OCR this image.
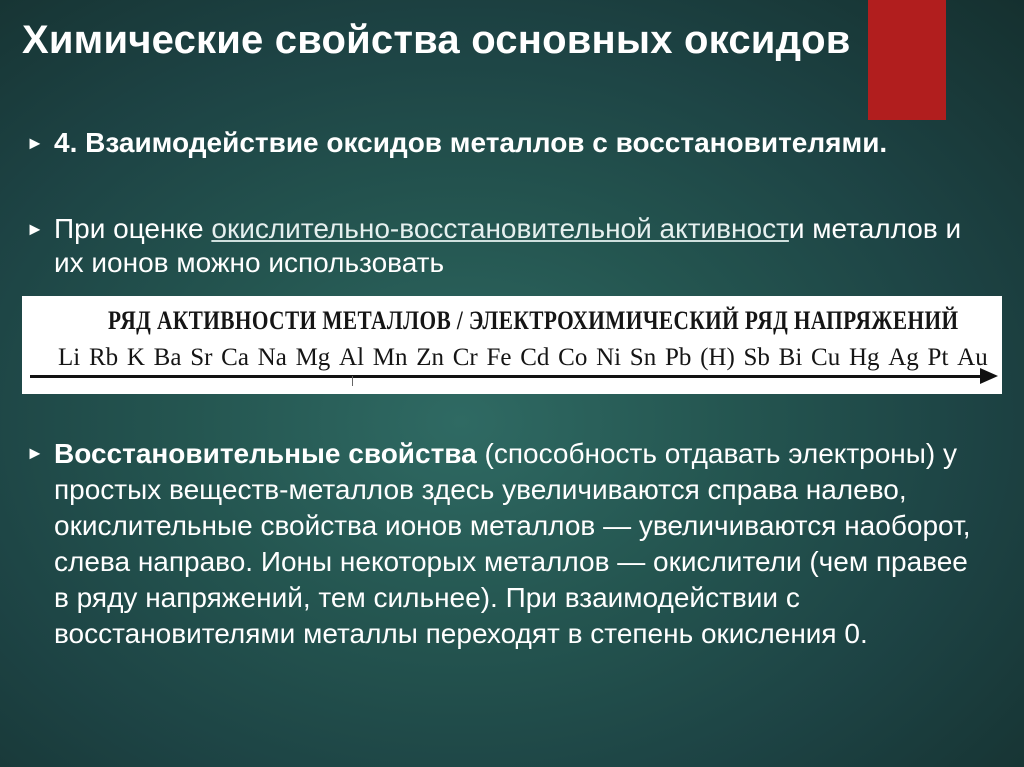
Химические свойства основных оксидов
► 4. Взаимодействие оксидов металлов с восстановителями.
► При оценке окислительно-восстановительной активности металлов и их ионов можно использовать
РЯД АКТИВНОСТИ МЕТАЛЛОВ / ЭЛЕКТРОХИМИЧЕСКИЙ РЯД НАПРЯЖЕНИЙ
Li Rb K Ba Sr Ca Na Mg Al Mn Zn Cr Fe Cd Co Ni Sn Pb (H) Sb Bi Cu Hg Ag Pt Au
► Восстановительные свойства (способность отдавать электроны) у простых веществ-металлов здесь увеличиваются справа налево, окислительные свойства ионов металлов — увеличиваются наоборот, слева направо. Ионы некоторых металлов — окислители (чем правее в ряду напряжений, тем сильнее). При взаимодействии с восстановителями металлы переходят в степень окисления 0.
